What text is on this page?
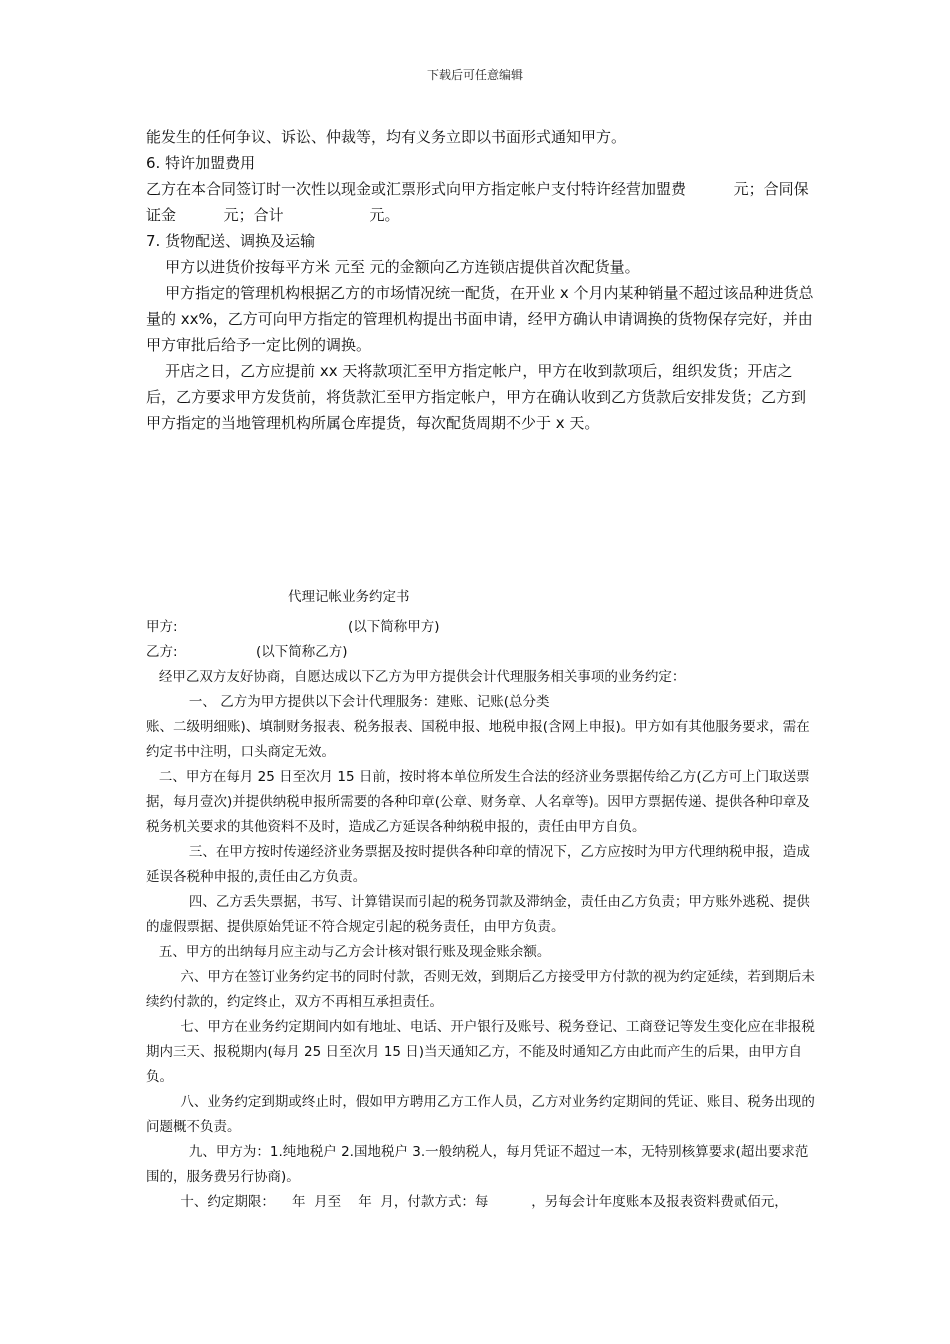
下载后可任意编辑

能发生的任何争议、诉讼、仲裁等，均有义务立即以书面形式通知甲方。

6. 特许加盟费用

乙方在本合同签订时一次性以现金或汇票形式向甲方指定帐户支付特许经营加盟费          元；合同保证金          元；合计                  元。

7. 货物配送、调换及运输

甲方以进货价按每平方米 元至 元的金额向乙方连锁店提供首次配货量。

甲方指定的管理机构根据乙方的市场情况统一配货，在开业 x 个月内某种销量不超过该品种进货总量的 xx%，乙方可向甲方指定的管理机构提出书面申请，经甲方确认申请调换的货物保存完好，并由甲方审批后给予一定比例的调换。

开店之日，乙方应提前 xx 天将款项汇至甲方指定帐户，甲方在收到款项后，组织发货；开店之后，乙方要求甲方发货前，将货款汇至甲方指定帐户，甲方在确认收到乙方货款后安排发货；乙方到甲方指定的当地管理机构所属仓库提货，每次配货周期不少于 x 天。

代理记帐业务约定书
甲方:	(以下简称甲方)
乙方:	(以下简称乙方)

经甲乙双方友好协商，自愿达成以下乙方为甲方提供会计代理服务相关事项的业务约定：

一、 乙方为甲方提供以下会计代理服务：建账、记账(总分类

账、二级明细账)、填制财务报表、税务报表、国税申报、地税申报(含网上申报)。甲方如有其他服务要求，需在约定书中注明，口头商定无效。

二、甲方在每月 25 日至次月 15 日前，按时将本单位所发生合法的经济业务票据传给乙方(乙方可上门取送票据，每月壹次)并提供纳税申报所需要的各种印章(公章、财务章、人名章等)。因甲方票据传递、提供各种印章及税务机关要求的其他资料不及时，造成乙方延误各种纳税申报的，责任由甲方自负。

三、在甲方按时传递经济业务票据及按时提供各种印章的情况下，乙方应按时为甲方代理纳税申报，造成延误各税种申报的,责任由乙方负责。

四、乙方丢失票据，书写、计算错误而引起的税务罚款及滞纳金，责任由乙方负责；甲方账外逃税、提供的虚假票据、提供原始凭证不符合规定引起的税务责任，由甲方负责。

五、甲方的出纳每月应主动与乙方会计核对银行账及现金账余额。

六、甲方在签订业务约定书的同时付款，否则无效，到期后乙方接受甲方付款的视为约定延续，若到期后未续约付款的，约定终止，双方不再相互承担责任。

七、甲方在业务约定期间内如有地址、电话、开户银行及账号、税务登记、工商登记等发生变化应在非报税期内三天、报税期内(每月 25 日至次月 15 日)当天通知乙方，不能及时通知乙方由此而产生的后果，由甲方自负。

八、业务约定到期或终止时，假如甲方聘用乙方工作人员，乙方对业务约定期间的凭证、账目、税务出现的问题概不负责。

九、甲方为：1.纯地税户 2.国地税户 3.一般纳税人，每月凭证不超过一本，无特别核算要求(超出要求范围的，服务费另行协商)。

十、约定期限：    年  月至    年  月，付款方式：每          ，另每会计年度账本及报表资料费贰佰元，
